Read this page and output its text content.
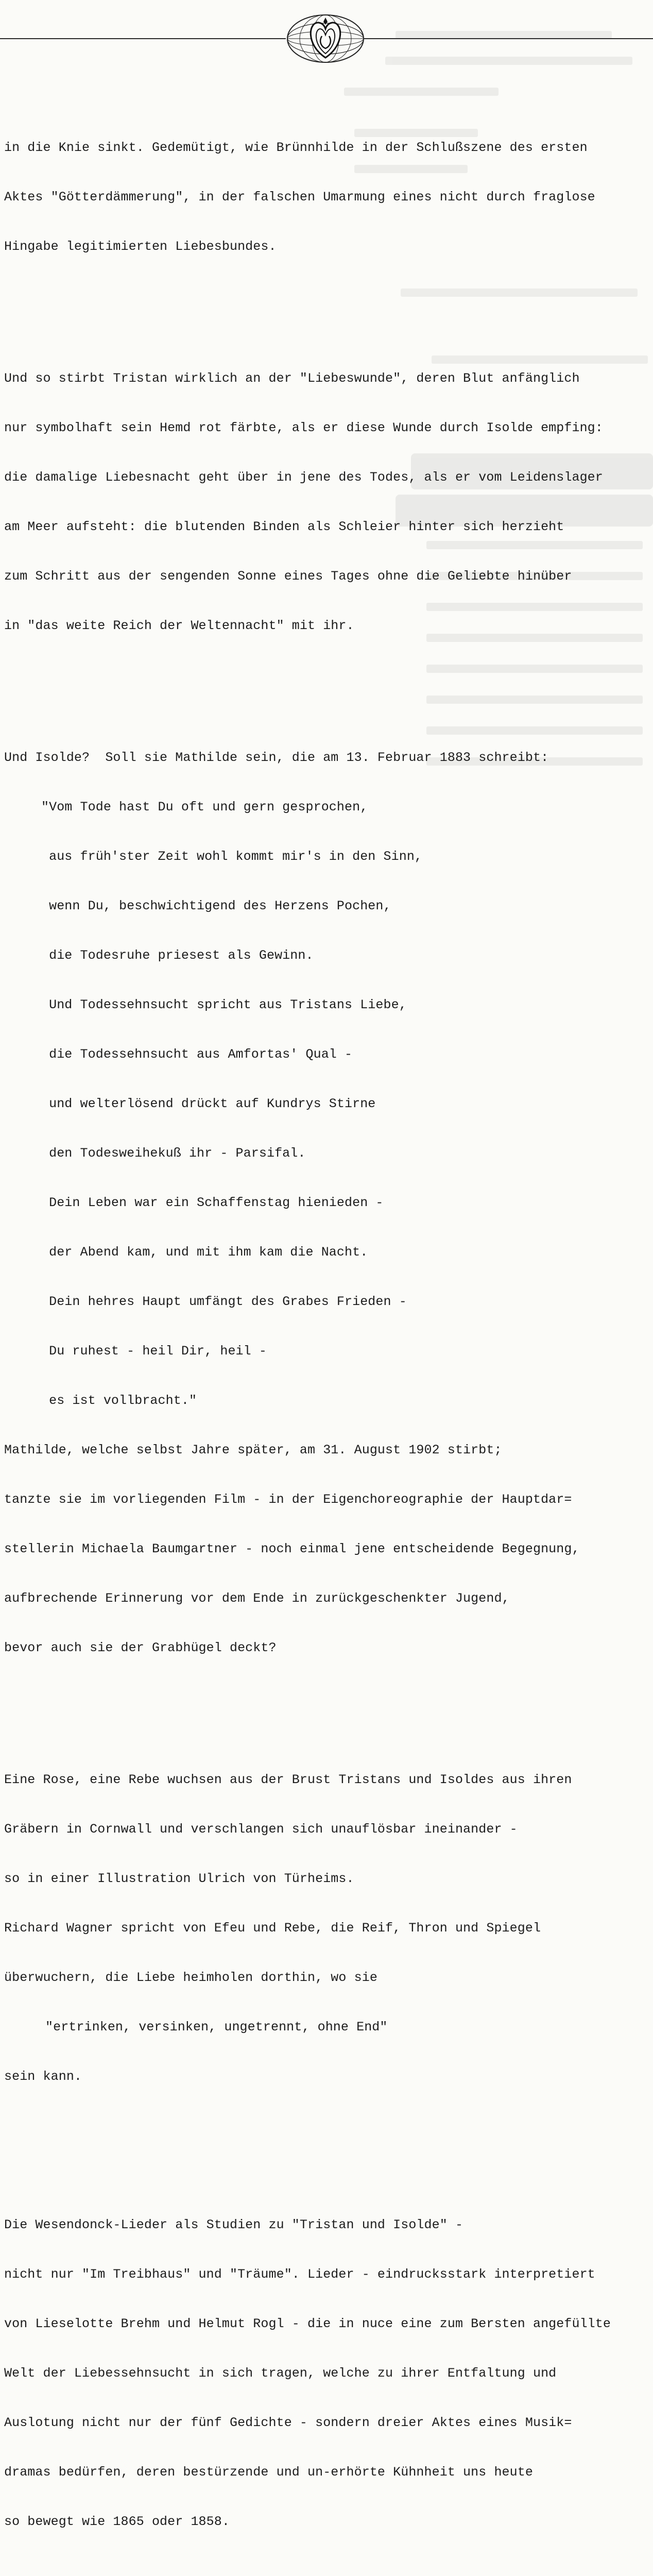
in die Knie sinkt. Gedemütigt, wie Brünnhilde in der Schlußszene des ersten

Aktes "Götterdämmerung", in der falschen Umarmung eines nicht durch fraglose

Hingabe legitimierten Liebesbundes.

Und so stirbt Tristan wirklich an der "Liebeswunde", deren Blut anfänglich

nur symbolhaft sein Hemd rot färbte, als er diese Wunde durch Isolde empfing:

die damalige Liebesnacht geht über in jene des Todes, als er vom Leidenslager

am Meer aufsteht: die blutenden Binden als Schleier hinter sich herzieht

zum Schritt aus der sengenden Sonne eines Tages ohne die Geliebte hinüber

in "das weite Reich der Weltennacht" mit ihr.

Und Isolde?  Soll sie Mathilde sein, die am 13. Februar 1883 schreibt:

"Vom Tode hast Du oft und gern gesprochen,

aus früh'ster Zeit wohl kommt mir's in den Sinn,

wenn Du, beschwichtigend des Herzens Pochen,

die Todesruhe priesest als Gewinn.

Und Todessehnsucht spricht aus Tristans Liebe,

die Todessehnsucht aus Amfortas' Qual -

und welterlösend drückt auf Kundrys Stirne

den Todesweihekuß ihr - Parsifal.

Dein Leben war ein Schaffenstag hienieden -

der Abend kam, und mit ihm kam die Nacht.

Dein hehres Haupt umfängt des Grabes Frieden -

Du ruhest - heil Dir, heil -

es ist vollbracht."

Mathilde, welche selbst Jahre später, am 31. August 1902 stirbt;

tanzte sie im vorliegenden Film - in der Eigenchoreographie der Hauptdar=

stellerin Michaela Baumgartner - noch einmal jene entscheidende Begegnung,

aufbrechende Erinnerung vor dem Ende in zurückgeschenkter Jugend,

bevor auch sie der Grabhügel deckt?

Eine Rose, eine Rebe wuchsen aus der Brust Tristans und Isoldes aus ihren

Gräbern in Cornwall und verschlangen sich unauflösbar ineinander -

so in einer Illustration Ulrich von Türheims.

Richard Wagner spricht von Efeu und Rebe, die Reif, Thron und Spiegel

überwuchern, die Liebe heimholen dorthin, wo sie

"ertrinken, versinken, ungetrennt, ohne End"

sein kann.

Die Wesendonck-Lieder als Studien zu "Tristan und Isolde" -

nicht nur "Im Treibhaus" und "Träume". Lieder - eindrucksstark interpretiert

von Lieselotte Brehm und Helmut Rogl - die in nuce eine zum Bersten angefüllte

Welt der Liebessehnsucht in sich tragen, welche zu ihrer Entfaltung und

Auslotung nicht nur der fünf Gedichte - sondern dreier Aktes eines Musik=

dramas bedürfen, deren bestürzende und un-erhörte Kühnheit uns heute

so bewegt wie 1865 oder 1858.
